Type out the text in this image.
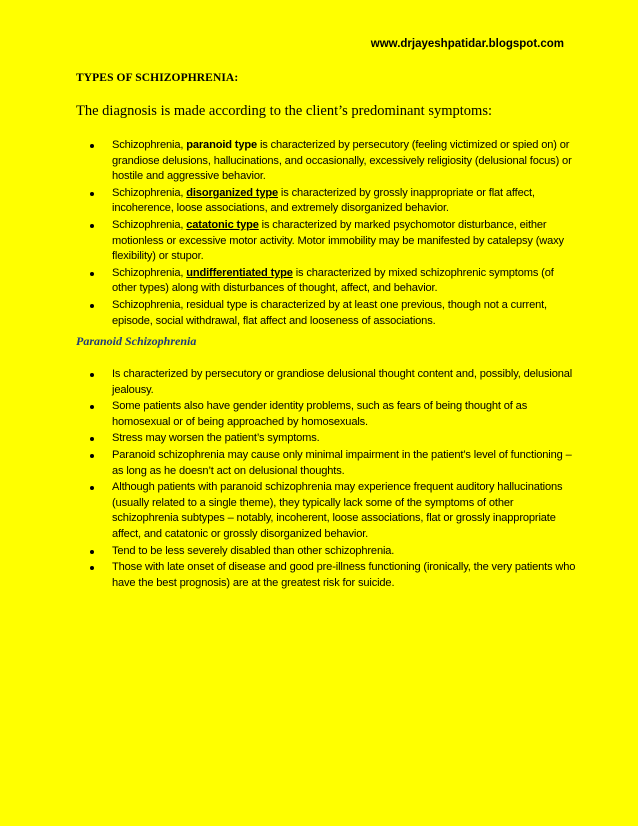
www.drjayeshpatidar.blogspot.com
TYPES OF SCHIZOPHRENIA:
The diagnosis is made according to the client’s predominant symptoms:
Schizophrenia, paranoid type is characterized by persecutory (feeling victimized or spied on) or grandiose delusions, hallucinations, and occasionally, excessively religiosity (delusional focus) or hostile and aggressive behavior.
Schizophrenia, disorganized type is characterized by grossly inappropriate or flat affect, incoherence, loose associations, and extremely disorganized behavior.
Schizophrenia, catatonic type is characterized by marked psychomotor disturbance, either motionless or excessive motor activity. Motor immobility may be manifested by catalepsy (waxy flexibility) or stupor.
Schizophrenia, undifferentiated type is characterized by mixed schizophrenic symptoms (of other types) along with disturbances of thought, affect, and behavior.
Schizophrenia, residual type is characterized by at least one previous, though not a current, episode, social withdrawal, flat affect and looseness of associations.
Paranoid Schizophrenia
Is characterized by persecutory or grandiose delusional thought content and, possibly, delusional jealousy.
Some patients also have gender identity problems, such as fears of being thought of as homosexual or of being approached by homosexuals.
Stress may worsen the patient’s symptoms.
Paranoid schizophrenia may cause only minimal impairment in the patient’s level of functioning – as long as he doesn’t act on delusional thoughts.
Although patients with paranoid schizophrenia may experience frequent auditory hallucinations (usually related to a single theme), they typically lack some of the symptoms of other schizophrenia subtypes – notably, incoherent, loose associations, flat or grossly inappropriate affect, and catatonic or grossly disorganized behavior.
Tend to be less severely disabled than other schizophrenia.
Those with late onset of disease and good pre-illness functioning (ironically, the very patients who have the best prognosis) are at the greatest risk for suicide.
